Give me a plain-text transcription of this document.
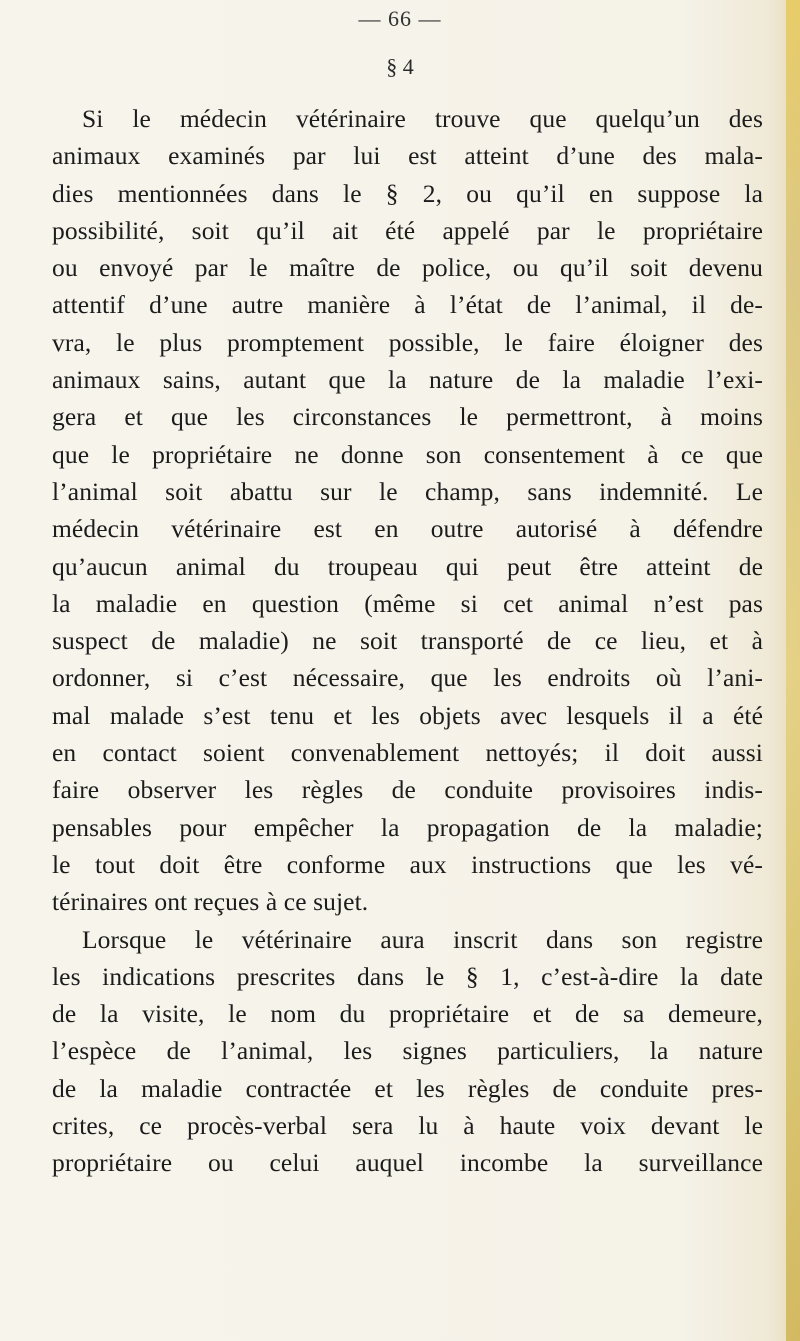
— 66 —
§ 4
Si le médecin vétérinaire trouve que quelqu’un des
animaux examinés par lui est atteint d’une des mala-
dies mentionnées dans le § 2, ou qu’il en suppose la
possibilité, soit qu’il ait été appelé par le propriétaire
ou envoyé par le maître de police, ou qu’il soit devenu
attentif d’une autre manière à l’état de l’animal, il de-
vra, le plus promptement possible, le faire éloigner des
animaux sains, autant que la nature de la maladie l’exi-
gera et que les circonstances le permettront, à moins
que le propriétaire ne donne son consentement à ce que
l’animal soit abattu sur le champ, sans indemnité. Le
médecin vétérinaire est en outre autorisé à défendre
qu’aucun animal du troupeau qui peut être atteint de
la maladie en question (même si cet animal n’est pas
suspect de maladie) ne soit transporté de ce lieu, et à
ordonner, si c’est nécessaire, que les endroits où l’ani-
mal malade s’est tenu et les objets avec lesquels il a été
en contact soient convenablement nettoyés; il doit aussi
faire observer les règles de conduite provisoires indis-
pensables pour empêcher la propagation de la maladie;
le tout doit être conforme aux instructions que les vé-
térinaires ont reçues à ce sujet.
Lorsque le vétérinaire aura inscrit dans son registre
les indications prescrites dans le § 1, c’est-à-dire la date
de la visite, le nom du propriétaire et de sa demeure,
l’espèce de l’animal, les signes particuliers, la nature
de la maladie contractée et les règles de conduite pres-
crites, ce procès-verbal sera lu à haute voix devant le
propriétaire ou celui auquel incombe la surveillance
